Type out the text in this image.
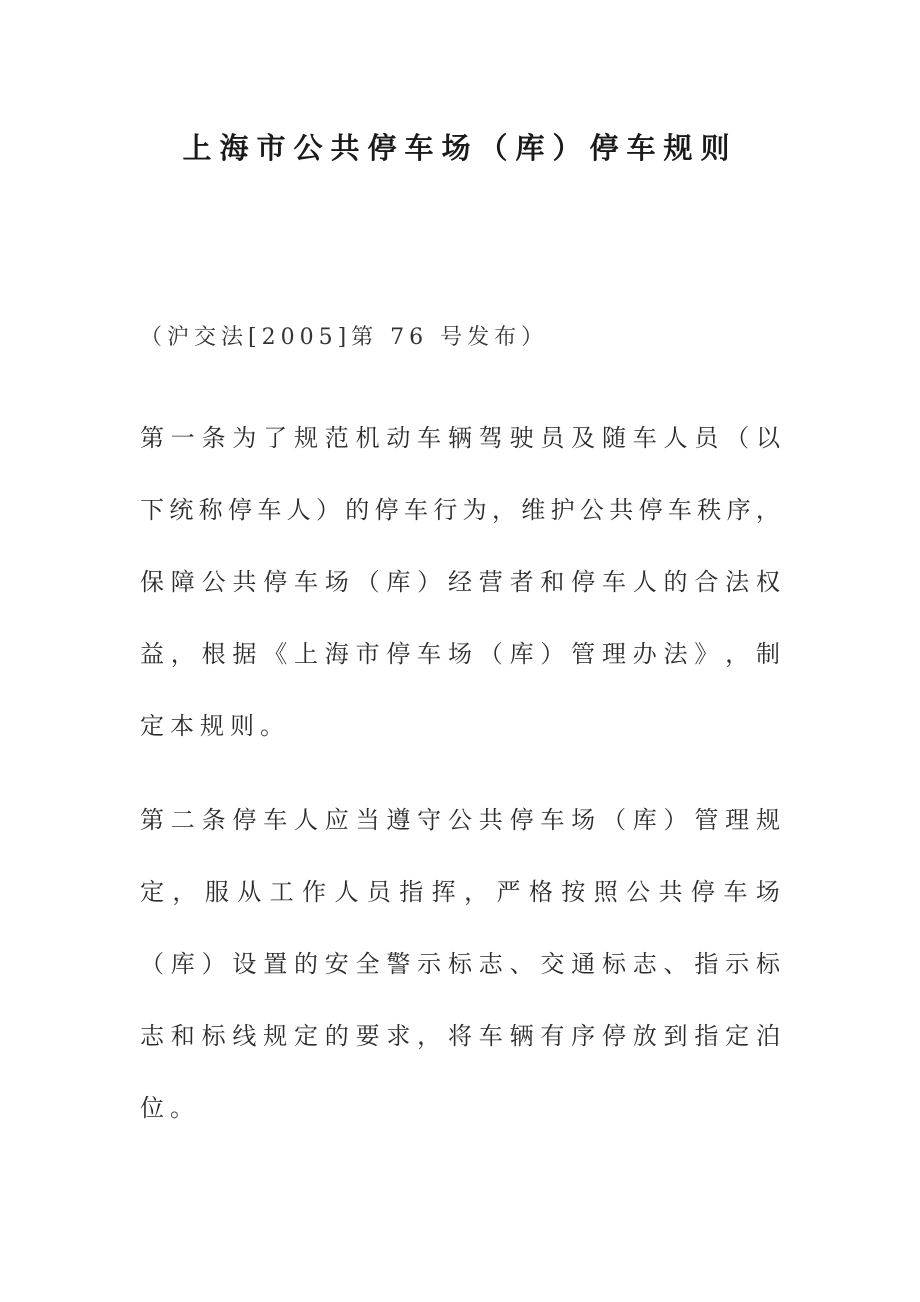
上海市公共停车场（库）停车规则

（沪交法[2005]第 76 号发布）

第 一 条 为 了 规 范 机 动 车 辆 驾 驶 员 及 随 车 人 员 （ 以

下 统 称 停 车 人 ） 的 停 车 行 为 ， 维 护 公 共 停 车 秩 序 ，

保 障 公 共 停 车 场 （ 库 ） 经 营 者 和 停 车 人 的 合 法 权

益 ， 根 据 《 上 海 市 停 车 场 （ 库 ） 管 理 办 法 》 ， 制

定本规则。

第 二 条 停 车 人 应 当 遵 守 公 共 停 车 场 （ 库 ） 管 理 规

定 ， 服 从 工 作 人 员 指 挥 ， 严 格 按 照 公 共 停 车 场

（ 库 ） 设 置 的 安 全 警 示 标 志 、 交 通 标 志 、 指 示 标

志 和 标 线 规 定 的 要 求 ， 将 车 辆 有 序 停 放 到 指 定 泊

位。
